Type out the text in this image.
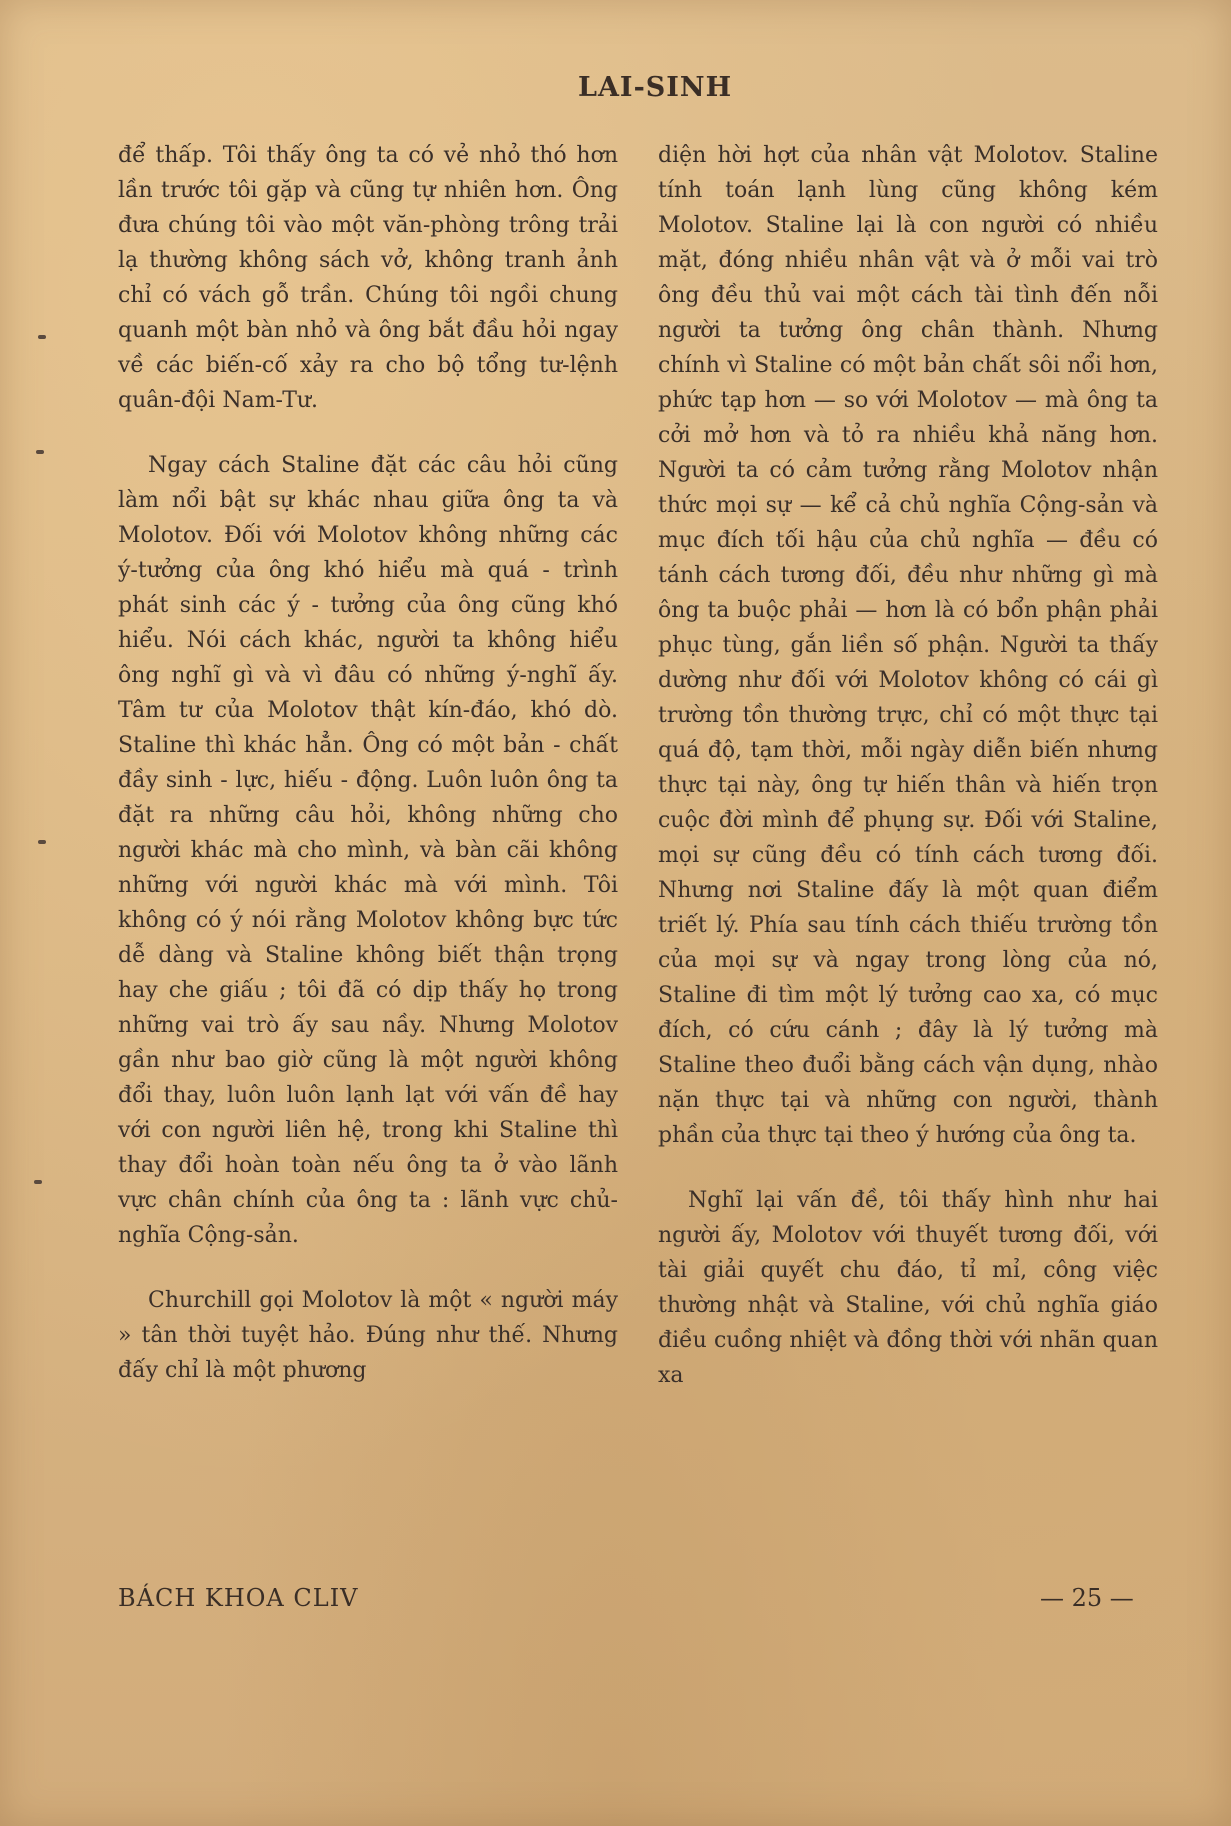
LAI-SINH

để thấp. Tôi thấy ông ta có vẻ nhỏ thó hơn lần trước tôi gặp và cũng tự nhiên hơn. Ông đưa chúng tôi vào một văn-phòng trông trải lạ thường không sách vở, không tranh ảnh chỉ có vách gỗ trần. Chúng tôi ngồi chung quanh một bàn nhỏ và ông bắt đầu hỏi ngay về các biến-cố xảy ra cho bộ tổng tư-lệnh quân-đội Nam-Tư.

Ngay cách Staline đặt các câu hỏi cũng làm nổi bật sự khác nhau giữa ông ta và Molotov. Đối với Molotov không những các ý-tưởng của ông khó hiểu mà quá - trình phát sinh các ý - tưởng của ông cũng khó hiểu. Nói cách khác, người ta không hiểu ông nghĩ gì và vì đâu có những ý-nghĩ ấy. Tâm tư của Molotov thật kín-đáo, khó dò. Staline thì khác hẳn. Ông có một bản - chất đầy sinh - lực, hiếu - động. Luôn luôn ông ta đặt ra những câu hỏi, không những cho người khác mà cho mình, và bàn cãi không những với người khác mà với mình. Tôi không có ý nói rằng Molotov không bực tức dễ dàng và Staline không biết thận trọng hay che giấu ; tôi đã có dịp thấy họ trong những vai trò ấy sau nầy. Nhưng Molotov gần như bao giờ cũng là một người không đổi thay, luôn luôn lạnh lạt với vấn đề hay với con người liên hệ, trong khi Staline thì thay đổi hoàn toàn nếu ông ta ở vào lãnh vực chân chính của ông ta : lãnh vực chủ-nghĩa Cộng-sản.

Churchill gọi Molotov là một « người máy » tân thời tuyệt hảo. Đúng như thế. Nhưng đấy chỉ là một phương

diện hời hợt của nhân vật Molotov. Staline tính toán lạnh lùng cũng không kém Molotov. Staline lại là con người có nhiều mặt, đóng nhiều nhân vật và ở mỗi vai trò ông đều thủ vai một cách tài tình đến nỗi người ta tưởng ông chân thành. Nhưng chính vì Staline có một bản chất sôi nổi hơn, phức tạp hơn — so với Molotov — mà ông ta cởi mở hơn và tỏ ra nhiều khả năng hơn. Người ta có cảm tưởng rằng Molotov nhận thức mọi sự — kể cả chủ nghĩa Cộng-sản và mục đích tối hậu của chủ nghĩa — đều có tánh cách tương đối, đều như những gì mà ông ta buộc phải — hơn là có bổn phận phải phục tùng, gắn liền số phận. Người ta thấy dường như đối với Molotov không có cái gì trường tồn thường trực, chỉ có một thực tại quá độ, tạm thời, mỗi ngày diễn biến nhưng thực tại này, ông tự hiến thân và hiến trọn cuộc đời mình để phụng sự. Đối với Staline, mọi sự cũng đều có tính cách tương đối. Nhưng nơi Staline đấy là một quan điểm triết lý. Phía sau tính cách thiếu trường tồn của mọi sự và ngay trong lòng của nó, Staline đi tìm một lý tưởng cao xa, có mục đích, có cứu cánh ; đây là lý tưởng mà Staline theo đuổi bằng cách vận dụng, nhào nặn thực tại và những con người, thành phần của thực tại theo ý hướng của ông ta.

Nghĩ lại vấn đề, tôi thấy hình như hai người ấy, Molotov với thuyết tương đối, với tài giải quyết chu đáo, tỉ mỉ, công việc thường nhật và Staline, với chủ nghĩa giáo điều cuồng nhiệt và đồng thời với nhãn quan xa

BÁCH KHOA CLIV	— 25 —
